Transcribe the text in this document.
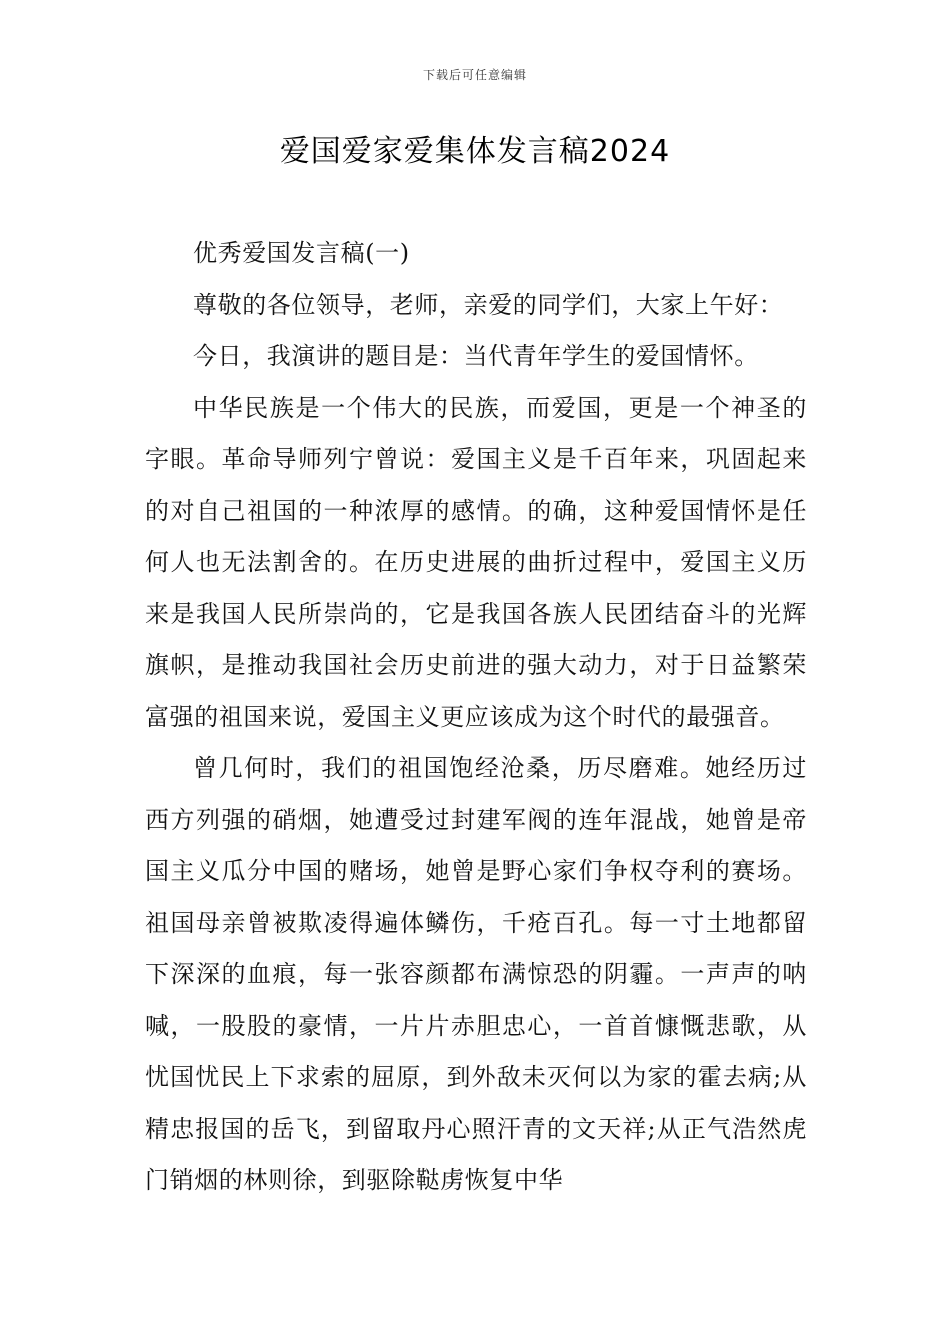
下载后可任意编辑
爱国爱家爱集体发言稿2024

优秀爱国发言稿(一)

尊敬的各位领导，老师，亲爱的同学们，大家上午好：

今日，我演讲的题目是：当代青年学生的爱国情怀。

中华民族是一个伟大的民族，而爱国，更是一个神圣的字眼。革命导师列宁曾说：爱国主义是千百年来，巩固起来的对自己祖国的一种浓厚的感情。的确，这种爱国情怀是任何人也无法割舍的。在历史进展的曲折过程中，爱国主义历来是我国人民所崇尚的，它是我国各族人民团结奋斗的光辉旗帜，是推动我国社会历史前进的强大动力，对于日益繁荣富强的祖国来说，爱国主义更应该成为这个时代的最强音。

曾几何时，我们的祖国饱经沧桑，历尽磨难。她经历过西方列强的硝烟，她遭受过封建军阀的连年混战，她曾是帝国主义瓜分中国的赌场，她曾是野心家们争权夺利的赛场。祖国母亲曾被欺凌得遍体鳞伤，千疮百孔。每一寸土地都留下深深的血痕，每一张容颜都布满惊恐的阴霾。一声声的呐喊，一股股的豪情，一片片赤胆忠心，一首首慷慨悲歌，从忧国忧民上下求索的屈原，到外敌未灭何以为家的霍去病;从精忠报国的岳飞，到留取丹心照汗青的文天祥;从正气浩然虎门销烟的林则徐，到驱除鞑虏恢复中华
